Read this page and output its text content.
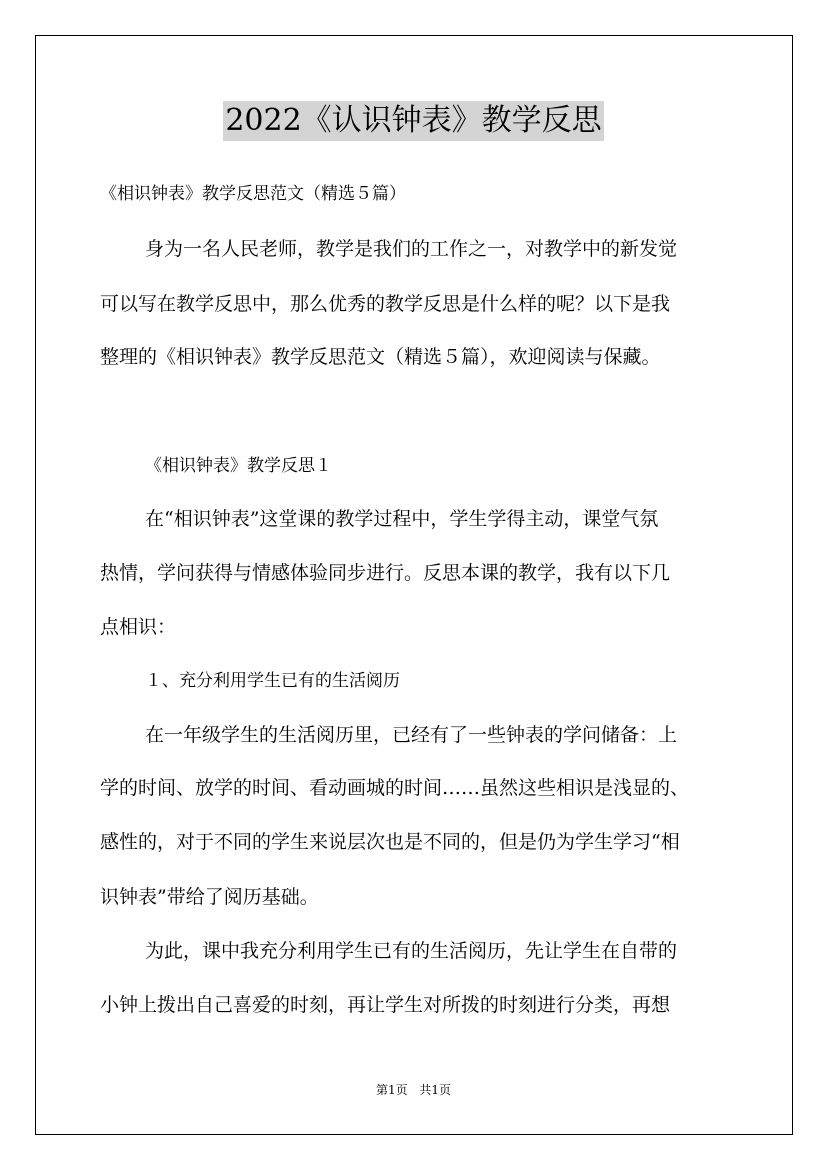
2022《认识钟表》教学反思
《相识钟表》教学反思范文（精选５篇）
身为一名人民老师，教学是我们的工作之一，对教学中的新发觉
可以写在教学反思中，那么优秀的教学反思是什么样的呢？以下是我
整理的《相识钟表》教学反思范文（精选５篇），欢迎阅读与保藏。
《相识钟表》教学反思１
在“相识钟表”这堂课的教学过程中，学生学得主动，课堂气氛
热情，学问获得与情感体验同步进行。反思本课的教学，我有以下几
点相识：
１、充分利用学生已有的生活阅历
在一年级学生的生活阅历里，已经有了一些钟表的学问储备：上
学的时间、放学的时间、看动画城的时间……虽然这些相识是浅显的、
感性的，对于不同的学生来说层次也是不同的，但是仍为学生学习“相
识钟表”带给了阅历基础。
为此，课中我充分利用学生已有的生活阅历，先让学生在自带的
小钟上拨出自己喜爱的时刻，再让学生对所拨的时刻进行分类，再想
第1页 共1页
